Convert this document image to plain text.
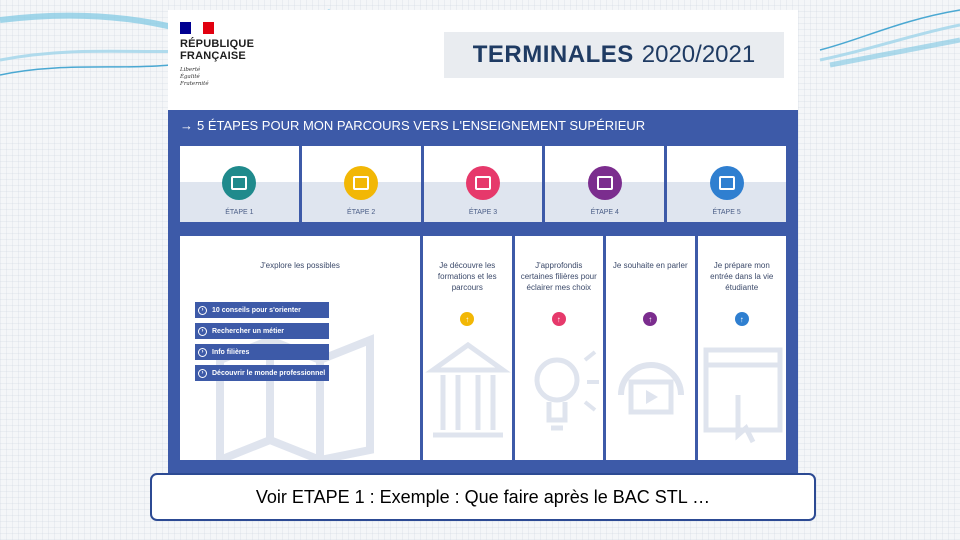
RÉPUBLIQUE
FRANÇAISE
Liberté
Égalité
Fraternité
TERMINALES 2020/2021
→ 5 ÉTAPES POUR MON PARCOURS VERS L'ENSEIGNEMENT SUPÉRIEUR
ÉTAPE 1	ÉTAPE 2	ÉTAPE 3	ÉTAPE 4	ÉTAPE 5
J'explore les possibles
›	10 conseils pour s'orienter
›	Rechercher un métier
›	Info filières
›	Découvrir le monde professionnel
Je découvre les formations et les parcours
↑
J'approfondis certaines filières pour éclairer mes choix
↑
Je souhaite en parler
↑
Je prépare mon entrée dans la vie étudiante
↑
Voir ETAPE 1 : Exemple : Que faire après le BAC STL …
